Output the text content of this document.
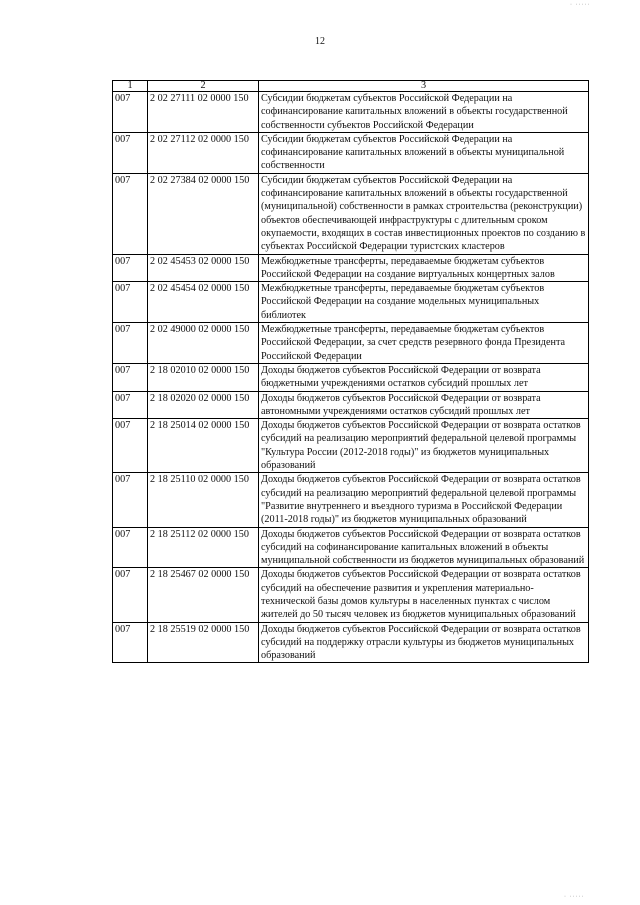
· ·····
12
1	2	3
007	2 02 27111 02 0000 150	Субсидии бюджетам субъектов Российской Федерации на софинансирование капитальных вложений в объекты государственной собственности субъектов Российской Федерации
007	2 02 27112 02 0000 150	Субсидии бюджетам субъектов Российской Федерации на софинансирование капитальных вложений в объекты муниципальной собственности
007	2 02 27384 02 0000 150	Субсидии бюджетам субъектов Российской Федерации на софинансирование капитальных вложений в объекты государственной (муниципальной) собственности в рамках строительства (реконструкции) объектов обеспечивающей инфраструктуры с длительным сроком окупаемости, входящих в состав инвестиционных проектов по созданию в субъектах Российской Федерации туристских кластеров
007	2 02 45453 02 0000 150	Межбюджетные трансферты, передаваемые бюджетам субъектов Российской Федерации на создание виртуальных концертных залов
007	2 02 45454 02 0000 150	Межбюджетные трансферты, передаваемые бюджетам субъектов Российской Федерации на создание модельных муниципальных библиотек
007	2 02 49000 02 0000 150	Межбюджетные трансферты, передаваемые бюджетам субъектов Российской Федерации, за счет средств резервного фонда Президента Российской Федерации
007	2 18 02010 02 0000 150	Доходы бюджетов субъектов Российской Федерации от возврата бюджетными учреждениями остатков субсидий прошлых лет
007	2 18 02020 02 0000 150	Доходы бюджетов субъектов Российской Федерации от возврата автономными учреждениями остатков субсидий прошлых лет
007	2 18 25014 02 0000 150	Доходы бюджетов субъектов Российской Федерации от возврата остатков субсидий на реализацию мероприятий федеральной целевой программы "Культура России (2012-2018 годы)" из бюджетов муниципальных образований
007	2 18 25110 02 0000 150	Доходы бюджетов субъектов Российской Федерации от возврата остатков субсидий на реализацию мероприятий федеральной целевой программы "Развитие внутреннего и въездного туризма в Российской Федерации (2011-2018 годы)" из бюджетов муниципальных образований
007	2 18 25112 02 0000 150	Доходы бюджетов субъектов Российской Федерации от возврата остатков субсидий на софинансирование капитальных вложений в объекты муниципальной собственности из бюджетов муниципальных образований
007	2 18 25467 02 0000 150	Доходы бюджетов субъектов Российской Федерации от возврата остатков субсидий на обеспечение развития и укрепления материально-технической базы домов культуры в населенных пунктах с числом жителей до 50 тысяч человек из бюджетов муниципальных образований
007	2 18 25519 02 0000 150	Доходы бюджетов субъектов Российской Федерации от возврата остатков субсидий на поддержку отрасли культуры из бюджетов муниципальных образований
· ·····
